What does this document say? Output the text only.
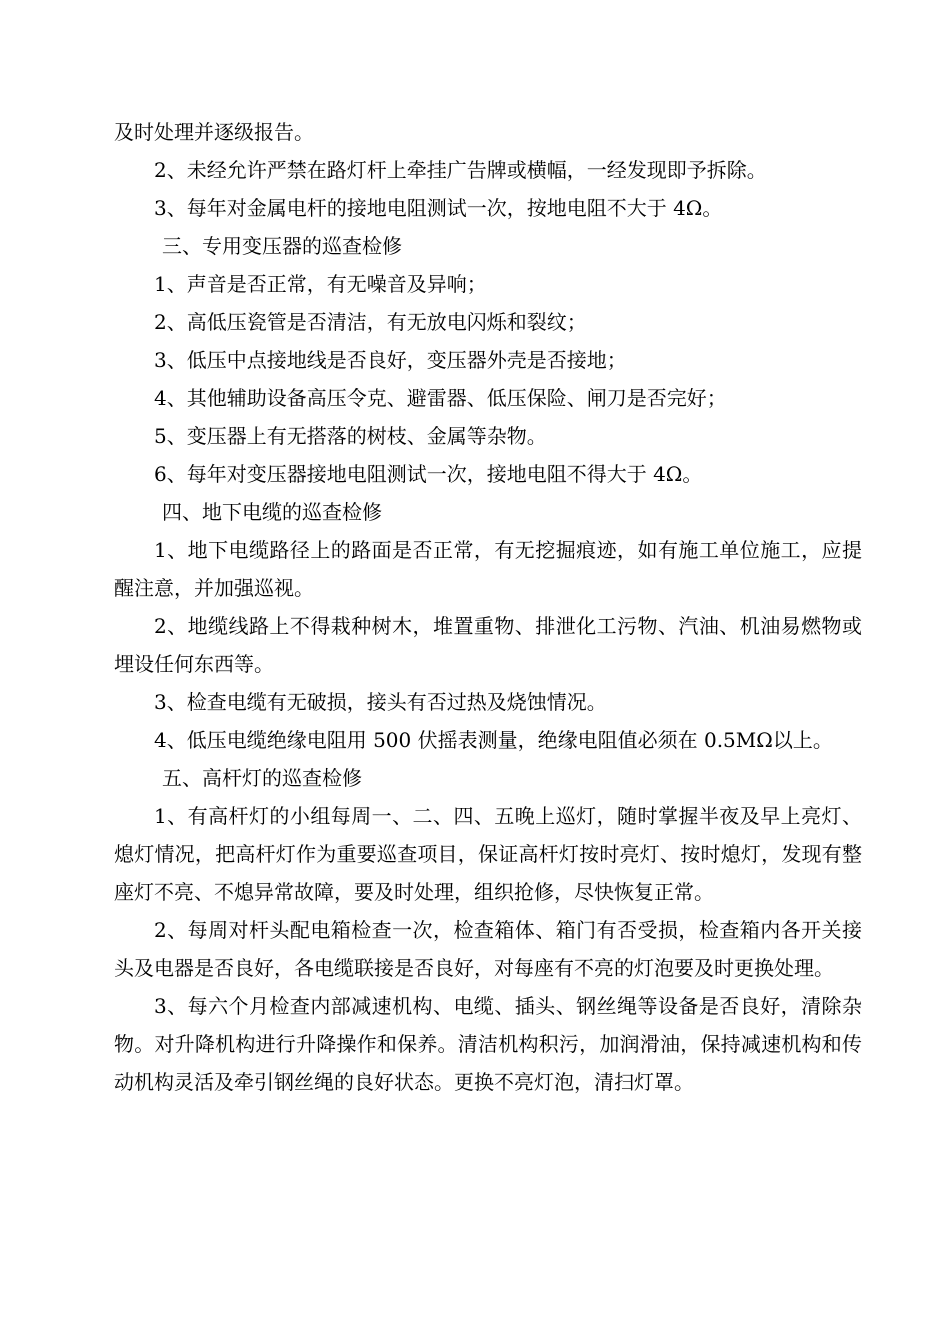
及时处理并逐级报告。

2、未经允许严禁在路灯杆上牵挂广告牌或横幅，一经发现即予拆除。

3、每年对金属电杆的接地电阻测试一次，按地电阻不大于 4Ω。

三、专用变压器的巡查检修

1、声音是否正常，有无噪音及异响；

2、高低压瓷管是否清洁，有无放电闪烁和裂纹；

3、低压中点接地线是否良好，变压器外壳是否接地；

4、其他辅助设备高压令克、避雷器、低压保险、闸刀是否完好；

5、变压器上有无搭落的树枝、金属等杂物。

6、每年对变压器接地电阻测试一次，接地电阻不得大于 4Ω。

四、地下电缆的巡查检修

1、地下电缆路径上的路面是否正常，有无挖掘痕迹，如有施工单位施工，应提醒注意，并加强巡视。

2、地缆线路上不得栽种树木，堆置重物、排泄化工污物、汽油、机油易燃物或埋设任何东西等。

3、检查电缆有无破损，接头有否过热及烧蚀情况。

4、低压电缆绝缘电阻用 500 伏摇表测量，绝缘电阻值必须在 0.5MΩ以上。

五、高杆灯的巡查检修

1、有高杆灯的小组每周一、二、四、五晚上巡灯，随时掌握半夜及早上亮灯、熄灯情况，把高杆灯作为重要巡查项目，保证高杆灯按时亮灯、按时熄灯，发现有整座灯不亮、不熄异常故障，要及时处理，组织抢修，尽快恢复正常。

2、每周对杆头配电箱检查一次，检查箱体、箱门有否受损，检查箱内各开关接头及电器是否良好，各电缆联接是否良好，对每座有不亮的灯泡要及时更换处理。

3、每六个月检查内部减速机构、电缆、插头、钢丝绳等设备是否良好，清除杂物。对升降机构进行升降操作和保养。清洁机构积污，加润滑油，保持减速机构和传动机构灵活及牵引钢丝绳的良好状态。更换不亮灯泡，清扫灯罩。
